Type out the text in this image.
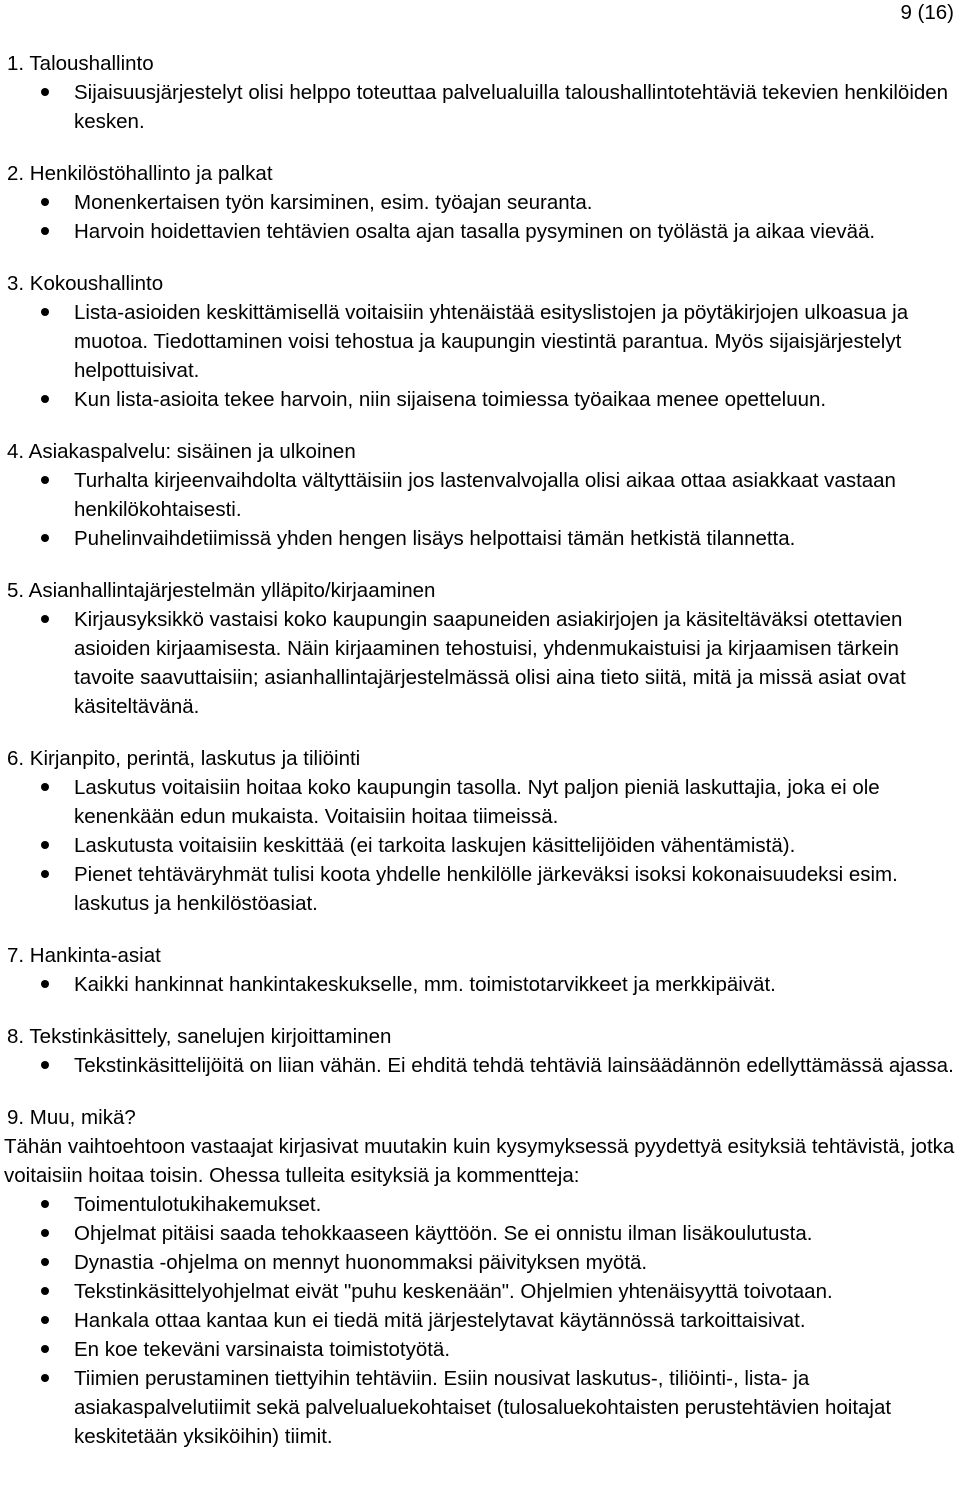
9 (16)

1. Taloushallinto

Sijaisuusjärjestelyt olisi helppo toteuttaa palvelualuilla taloushallintotehtäviä tekevien henkilöiden kesken.

2. Henkilöstöhallinto ja palkat

Monenkertaisen työn karsiminen, esim. työajan seuranta.
Harvoin hoidettavien tehtävien osalta ajan tasalla pysyminen on työlästä ja aikaa vievää.

3. Kokoushallinto

Lista-asioiden keskittämisellä voitaisiin yhtenäistää esityslistojen ja pöytäkirjojen ulkoasua ja muotoa. Tiedottaminen voisi tehostua ja kaupungin viestintä parantua. Myös sijaisjärjestelyt helpottuisivat.
Kun lista-asioita tekee harvoin, niin sijaisena toimiessa työaikaa menee opetteluun.

4. Asiakaspalvelu: sisäinen ja ulkoinen

Turhalta kirjeenvaihdolta vältyttäisiin jos lastenvalvojalla olisi aikaa ottaa asiakkaat vastaan henkilökohtaisesti.
Puhelinvaihdetiimissä yhden hengen lisäys helpottaisi tämän hetkistä tilannetta.

5. Asianhallintajärjestelmän ylläpito/kirjaaminen

Kirjausyksikkö vastaisi koko kaupungin saapuneiden asiakirjojen ja käsiteltäväksi otettavien asioiden kirjaamisesta. Näin kirjaaminen tehostuisi, yhdenmukaistuisi ja kirjaamisen tärkein tavoite saavuttaisiin; asianhallintajärjestelmässä olisi aina tieto siitä, mitä ja missä asiat ovat käsiteltävänä.

6. Kirjanpito, perintä, laskutus ja tiliöinti

Laskutus voitaisiin hoitaa koko kaupungin tasolla. Nyt paljon pieniä laskuttajia, joka ei ole kenenkään edun mukaista. Voitaisiin hoitaa tiimeissä.
Laskutusta voitaisiin keskittää (ei tarkoita laskujen käsittelijöiden vähentämistä).
Pienet tehtäväryhmät tulisi koota yhdelle henkilölle järkeväksi isoksi kokonaisuudeksi esim. laskutus ja henkilöstöasiat.

7. Hankinta-asiat

Kaikki hankinnat hankintakeskukselle, mm. toimistotarvikkeet ja merkkipäivät.

8. Tekstinkäsittely, sanelujen kirjoittaminen

Tekstinkäsittelijöitä on liian vähän. Ei ehditä tehdä tehtäviä lainsäädännön edellyttämässä ajassa.

9. Muu, mikä?

Tähän vaihtoehtoon vastaajat kirjasivat muutakin kuin kysymyksessä pyydettyä esityksiä tehtävistä, jotka voitaisiin hoitaa toisin. Ohessa tulleita esityksiä ja kommentteja:

Toimentulotukihakemukset.
Ohjelmat pitäisi saada tehokkaaseen käyttöön. Se ei onnistu ilman lisäkoulutusta.
Dynastia -ohjelma on mennyt huonommaksi päivityksen myötä.
Tekstinkäsittelyohjelmat eivät "puhu keskenään". Ohjelmien yhtenäisyyttä toivotaan.
Hankala ottaa kantaa kun ei tiedä mitä järjestelytavat käytännössä tarkoittaisivat.
En koe tekeväni varsinaista toimistotyötä.
Tiimien perustaminen tiettyihin tehtäviin. Esiin nousivat laskutus-, tiliöinti-, lista- ja asiakaspalvelutiimit sekä palvelualuekohtaiset (tulosaluekohtaisten perustehtävien hoitajat keskitetään yksiköihin) tiimit.
